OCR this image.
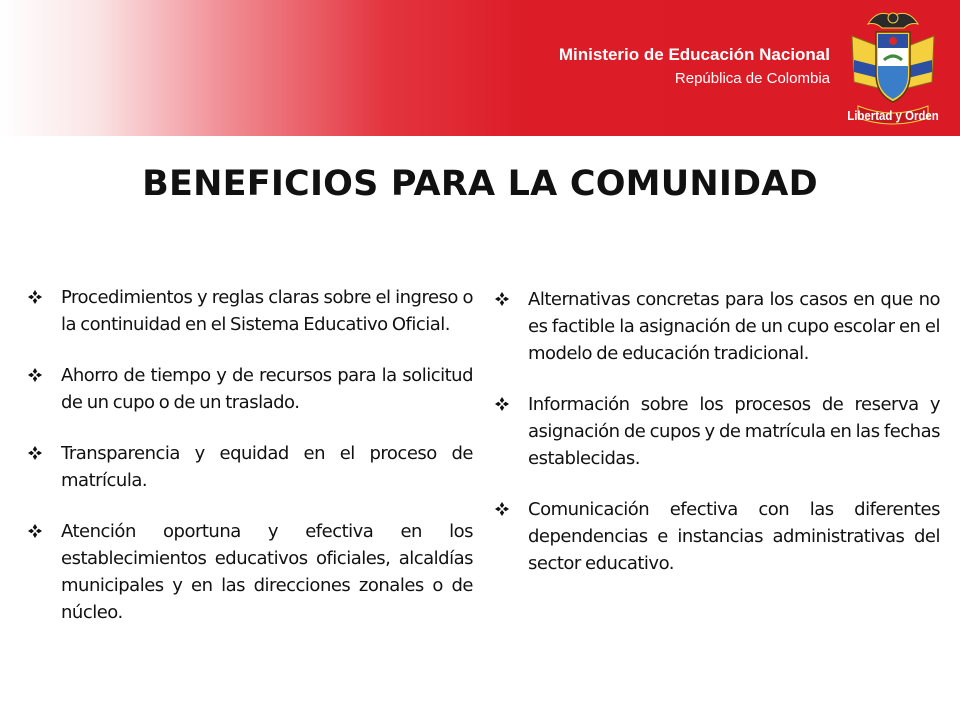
Ministerio de Educación Nacional
República de Colombia
Libertad y Orden
BENEFICIOS PARA LA COMUNIDAD
Procedimientos y reglas claras sobre el ingreso o la continuidad en el Sistema Educativo Oficial.
Ahorro de tiempo y de recursos para la solicitud de un cupo o de un traslado.
Transparencia y equidad en el proceso de matrícula.
Atención oportuna y efectiva en los establecimientos educativos oficiales, alcaldías municipales y en las direcciones zonales o de núcleo.
Alternativas concretas para los casos en que no es factible la asignación de un cupo escolar en el modelo de educación tradicional.
Información sobre los procesos de reserva y asignación de cupos y de matrícula en las fechas establecidas.
Comunicación efectiva con las diferentes dependencias e instancias administrativas del sector educativo.
